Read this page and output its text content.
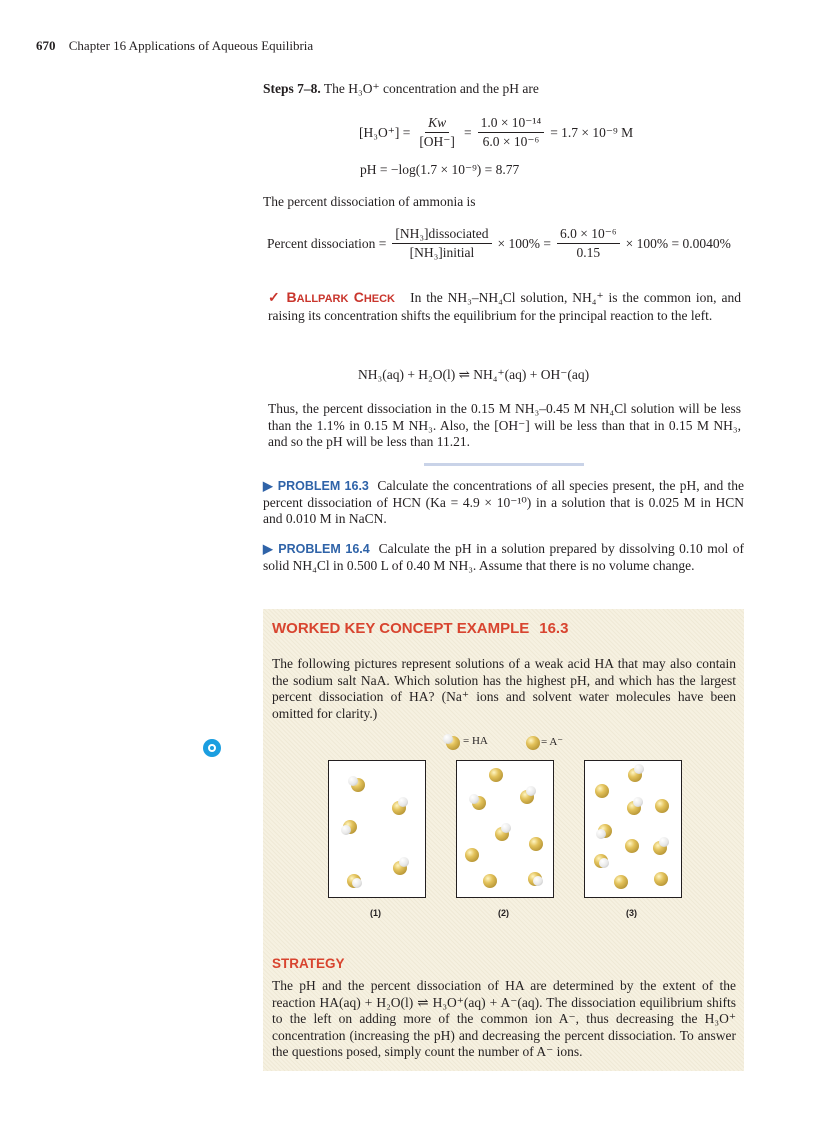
670 Chapter 16 Applications of Aqueous Equilibria
Steps 7–8. The H₃O⁺ concentration and the pH are
$[H_3O^+] = \frac{Kw}{[OH^-]} = \frac{\text{1.0 × 10⁻¹⁴}}{\text{6.0 × 10⁻⁶}} = 1.7 \times 10^{-9}$ M
pH = −log(1.7 × 10⁻⁹) = 8.77
The percent dissociation of ammonia is
Percent dissociation = $\frac{\text{[NH₃]dissociated}}{\text{[NH₃]initial}} \times 100\% = \frac{\text{6.0 × 10⁻⁶}}{0.15} \times 100\% = 0.0040\%$
✓ BALLPARK CHECK In the NH₃–NH₄Cl solution, NH₄⁺ is the common ion, and raising its concentration shifts the equilibrium for the principal reaction to the left.
NH₃(aq) + H₂O(l) ⇌ NH₄⁺(aq) + OH⁻(aq)
Thus, the percent dissociation in the 0.15 M NH₃–0.45 M NH₄Cl solution will be less than the 1.1% in 0.15 M NH₃. Also, the [OH⁻] will be less than that in 0.15 M NH₃, and so the pH will be less than 11.21.
▶ PROBLEM 16.3 Calculate the concentrations of all species present, the pH, and the percent dissociation of HCN (Ka = 4.9 × 10⁻¹⁰) in a solution that is 0.025 M in HCN and 0.010 M in NaCN.
▶ PROBLEM 16.4 Calculate the pH in a solution prepared by dissolving 0.10 mol of solid NH₄Cl in 0.500 L of 0.40 M NH₃. Assume that there is no volume change.
WORKED KEY CONCEPT EXAMPLE 16.3
The following pictures represent solutions of a weak acid HA that may also contain the sodium salt NaA. Which solution has the highest pH, and which has the largest percent dissociation of HA? (Na⁺ ions and solvent water molecules have been omitted for clarity.)
= HA	= A⁻
(1)	(2)	(3)
STRATEGY
The pH and the percent dissociation of HA are determined by the extent of the reaction HA(aq) + H₂O(l) ⇌ H₃O⁺(aq) + A⁻(aq). The dissociation equilibrium shifts to the left on adding more of the common ion A⁻, thus decreasing the H₃O⁺ concentration (increasing the pH) and decreasing the percent dissociation. To answer the questions posed, simply count the number of A⁻ ions.
